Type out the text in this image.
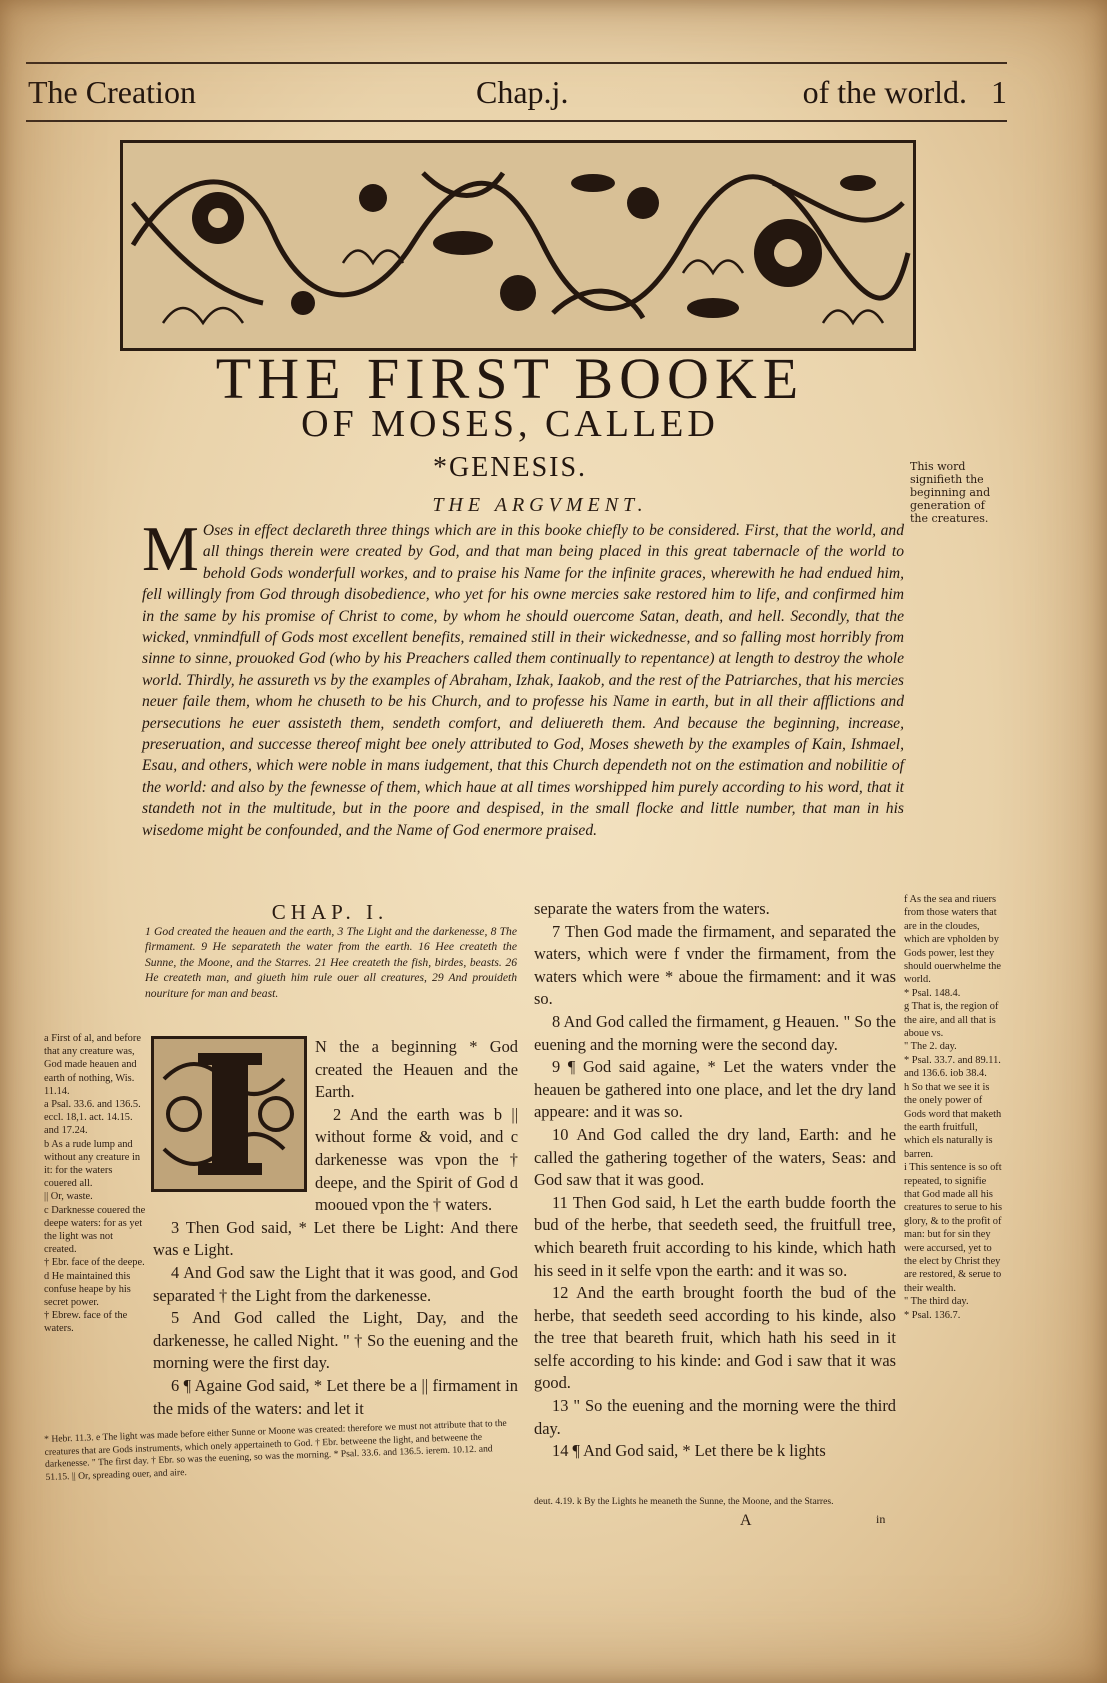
The Creation	Chap.j.	of the world. 1
THE FIRST BOOKE
OF MOSES, CALLED
*GENESIS.	This word signifieth the beginning and generation of the creatures.
THE ARGVMENT.
M Oses in effect declareth three things which are in this booke chiefly to be considered. First, that the world, and all things therein were created by God, and that man being placed in this great tabernacle of the world to behold Gods wonderfull workes, and to praise his Name for the infinite graces, wherewith he had endued him, fell willingly from God through disobedience, who yet for his owne mercies sake restored him to life, and confirmed him in the same by his promise of Christ to come, by whom he should ouercome Satan, death, and hell. Secondly, that the wicked, vnmindfull of Gods most excellent benefits, remained still in their wickednesse, and so falling most horribly from sinne to sinne, prouoked God (who by his Preachers called them continually to repentance) at length to destroy the whole world. Thirdly, he assureth vs by the examples of Abraham, Izhak, Iaakob, and the rest of the Patriarches, that his mercies neuer faile them, whom he chuseth to be his Church, and to professe his Name in earth, but in all their afflictions and persecutions he euer assisteth them, sendeth comfort, and deliuereth them. And because the beginning, increase, preseruation, and successe thereof might bee onely attributed to God, Moses sheweth by the examples of Kain, Ishmael, Esau, and others, which were noble in mans iudgement, that this Church dependeth not on the estimation and nobilitie of the world: and also by the fewnesse of them, which haue at all times worshipped him purely according to his word, that it standeth not in the multitude, but in the poore and despised, in the small flocke and little number, that man in his wisedome might be confounded, and the Name of God enermore praised.
CHAP. I.
1 God created the heauen and the earth, 3 The Light and the darkenesse, 8 The firmament. 9 He separateth the water from the earth. 16 Hee createth the Sunne, the Moone, and the Starres. 21 Hee createth the fish, birdes, beasts. 26 He createth man, and giueth him rule ouer all creatures, 29 And prouideth nouriture for man and beast.
a First of al, and before that any creature was, God made heauen and earth of nothing, Wis. 11.14.
a Psal. 33.6. and 136.5. eccl. 18,1. act. 14.15. and 17.24.
b As a rude lump and without any creature in it: for the waters couered all.
|| Or, waste.
c Darknesse couered the deepe waters: for as yet the light was not created.
† Ebr. face of the deepe.
d He maintained this confuse heape by his secret power.
† Ebrew. face of the waters.

N the a beginning * God created the Heauen and the Earth.

2 And the earth was b || without forme & void, and c darkenesse was vpon the † deepe, and the Spirit of God d mooued vpon the † waters.

3 Then God said, * Let there be Light: And there was e Light.

4 And God saw the Light that it was good, and God separated † the Light from the darkenesse.

5 And God called the Light, Day, and the darkenesse, he called Night. " † So the euening and the morning were the first day.

6 ¶ Againe God said, * Let there be a || firmament in the mids of the waters: and let it

* Hebr. 11.3. e The light was made before either Sunne or Moone was created: therefore we must not attribute that to the creatures that are Gods instruments, which onely appertaineth to God. † Ebr. betweene the light, and betweene the darkenesse. " The first day. † Ebr. so was the euening, so was the morning. * Psal. 33.6. and 136.5. ierem. 10.12. and 51.15. || Or, spreading ouer, and aire.

separate the waters from the waters.

7 Then God made the firmament, and separated the waters, which were f vnder the firmament, from the waters which were * aboue the firmament: and it was so.

8 And God called the firmament, g Heauen. " So the euening and the morning were the second day.

9 ¶ God said againe, * Let the waters vnder the heauen be gathered into one place, and let the dry land appeare: and it was so.

10 And God called the dry land, Earth: and he called the gathering together of the waters, Seas: and God saw that it was good.

11 Then God said, h Let the earth budde foorth the bud of the herbe, that seedeth seed, the fruitfull tree, which beareth fruit according to his kinde, which hath his seed in it selfe vpon the earth: and it was so.

12 And the earth brought foorth the bud of the herbe, that seedeth seed according to his kinde, also the tree that beareth fruit, which hath his seed in it selfe according to his kinde: and God i saw that it was good.

13 " So the euening and the morning were the third day.

14 ¶ And God said, * Let there be k lights

f As the sea and riuers from those waters that are in the cloudes, which are vpholden by Gods power, lest they should ouerwhelme the world.
* Psal. 148.4.
g That is, the region of the aire, and all that is aboue vs.
" The 2. day.
* Psal. 33.7. and 89.11. and 136.6. iob 38.4.
h So that we see it is the onely power of Gods word that maketh the earth fruitfull, which els naturally is barren.
i This sentence is so oft repeated, to signifie that God made all his creatures to serue to his glory, & to the profit of man: but for sin they were accursed, yet to the elect by Christ they are restored, & serue to their wealth.
" The third day.
* Psal. 136.7.
deut. 4.19. k By the Lights he meaneth the Sunne, the Moone, and the Starres.
A	in
